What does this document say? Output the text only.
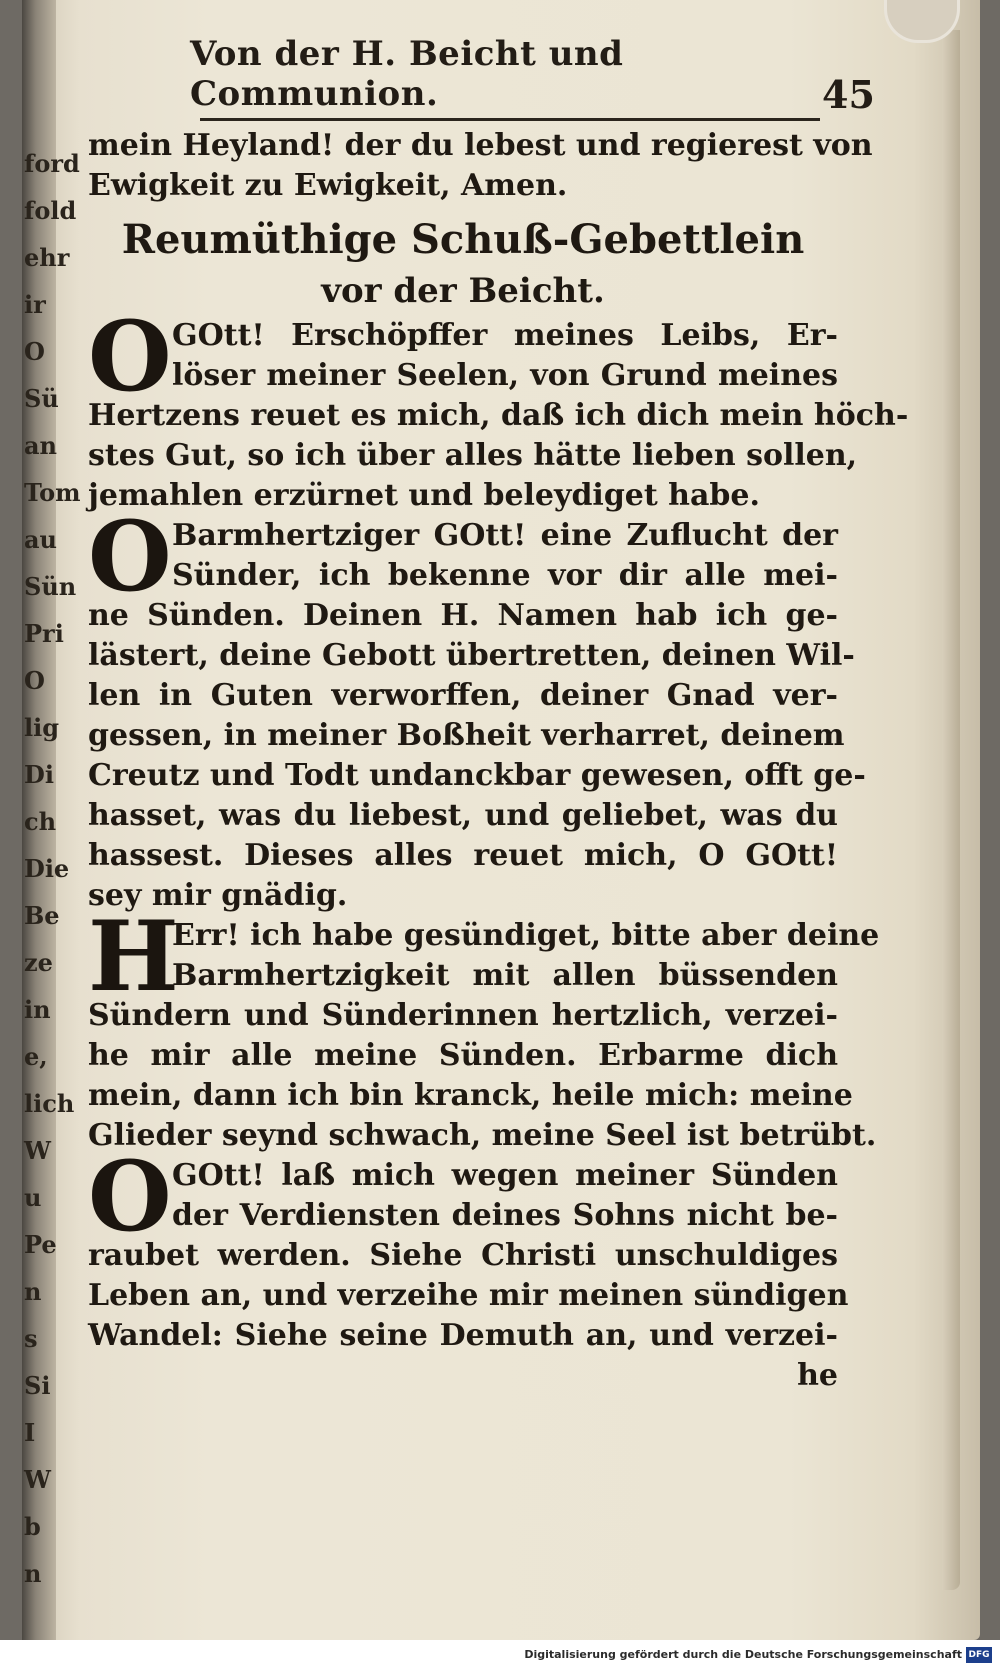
ford
fold
ehr
ir
O
Sü
an
Tom
au
Sün
Pri
O
lig
Di
ch
Die
Be
ze
in
e,
lich
W
u
Pe
n
s
Si
I
W
b
n
Von der H. Beicht und Communion.	45
mein Heyland! der du lebest und regierest von
Ewigkeit zu Ewigkeit, Amen.
Reumüthige Schuß-Gebettlein
vor der Beicht.
O GOtt! Erschöpffer meines Leibs, Er-
löser meiner Seelen, von Grund meines
Hertzens reuet es mich, daß ich dich mein höch-
stes Gut, so ich über alles hätte lieben sollen,
jemahlen erzürnet und beleydiget habe.
O Barmhertziger GOtt! eine Zuflucht der
Sünder, ich bekenne vor dir alle mei-
ne Sünden. Deinen H. Namen hab ich ge-
lästert, deine Gebott übertretten, deinen Wil-
len in Guten verworffen, deiner Gnad ver-
gessen, in meiner Boßheit verharret, deinem
Creutz und Todt undanckbar gewesen, offt ge-
hasset, was du liebest, und geliebet, was du
hassest. Dieses alles reuet mich, O GOtt!
sey mir gnädig.
H
Err! ich habe gesündiget, bitte aber deine
Barmhertzigkeit mit allen büssenden
Sündern und Sünderinnen hertzlich, verzei-
he mir alle meine Sünden. Erbarme dich
mein, dann ich bin kranck, heile mich: meine
Glieder seynd schwach, meine Seel ist betrübt.
O GOtt! laß mich wegen meiner Sünden
der Verdiensten deines Sohns nicht be-
raubet werden. Siehe Christi unschuldiges
Leben an, und verzeihe mir meinen sündigen
Wandel: Siehe seine Demuth an, und verzei-
he
Digitalisierung gefördert durch die Deutsche Forschungsgemeinschaft DFG
